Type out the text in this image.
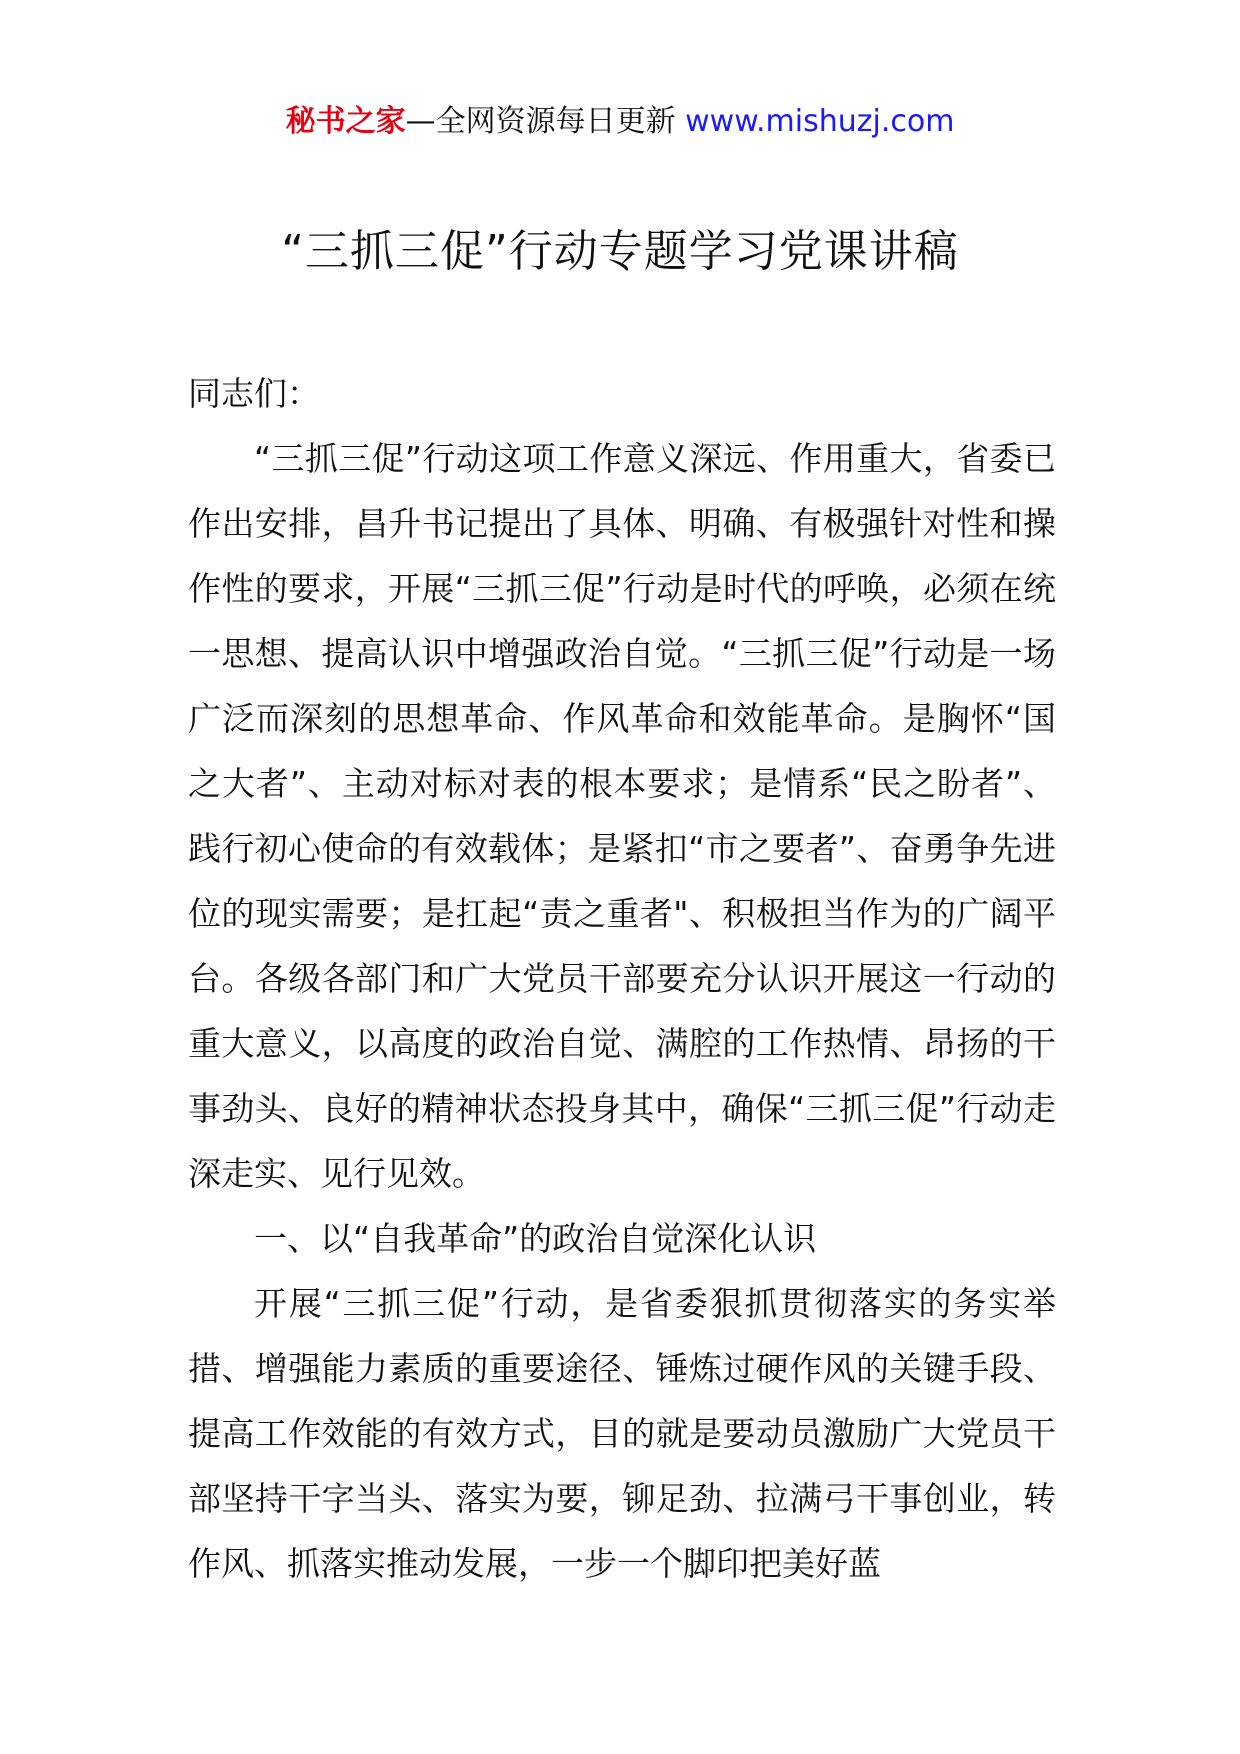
秘书之家—全网资源每日更新 www.mishuzj.com
“三抓三促”行动专题学习党课讲稿

同志们：

“三抓三促”行动这项工作意义深远、作用重大，省委已作出安排，昌升书记提出了具体、明确、有极强针对性和操作性的要求，开展“三抓三促”行动是时代的呼唤，必须在统一思想、提高认识中增强政治自觉。“三抓三促”行动是一场广泛而深刻的思想革命、作风革命和效能革命。是胸怀“国之大者”、主动对标对表的根本要求；是情系“民之盼者”、践行初心使命的有效载体；是紧扣“市之要者”、奋勇争先进位的现实需要；是扛起“责之重者"、积极担当作为的广阔平台。各级各部门和广大党员干部要充分认识开展这一行动的重大意义，以高度的政治自觉、满腔的工作热情、昂扬的干事劲头、良好的精神状态投身其中，确保“三抓三促”行动走深走实、见行见效。

一、以“自我革命”的政治自觉深化认识

开展“三抓三促”行动，是省委狠抓贯彻落实的务实举措、增强能力素质的重要途径、锤炼过硬作风的关键手段、提高工作效能的有效方式，目的就是要动员激励广大党员干部坚持干字当头、落实为要，铆足劲、拉满弓干事创业，转作风、抓落实推动发展，一步一个脚印把美好蓝
